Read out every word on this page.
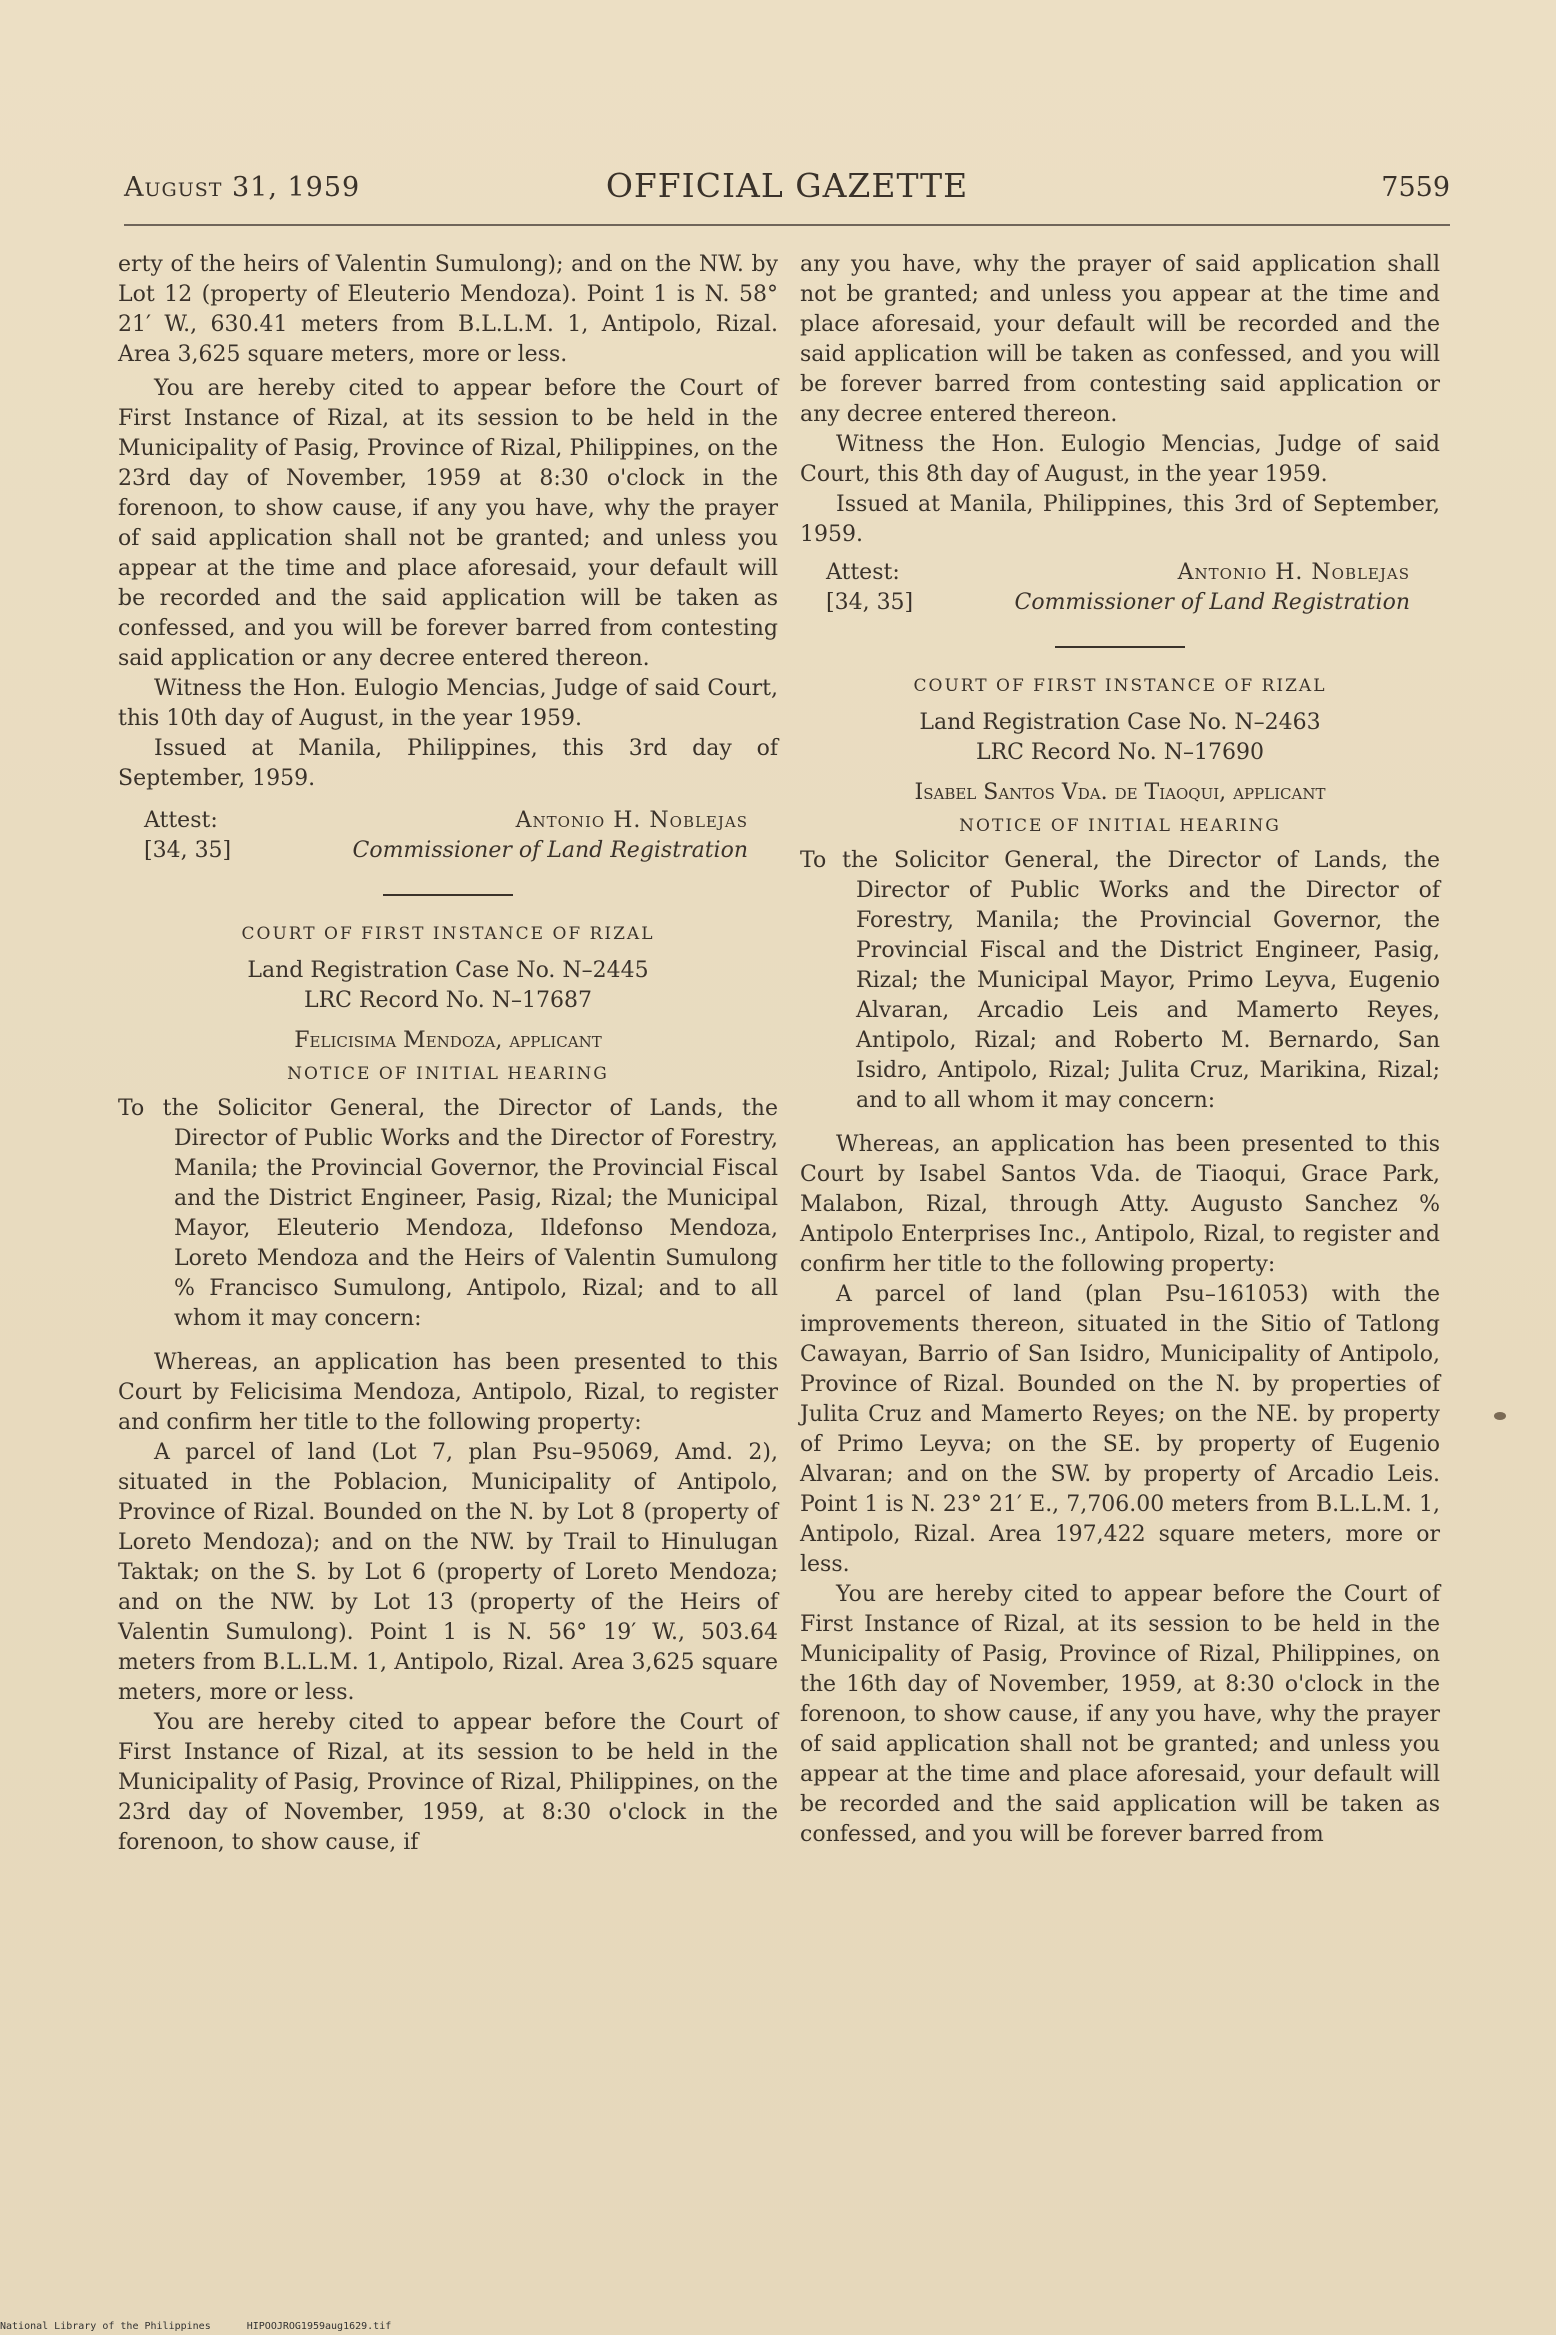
August 31, 1959	OFFICIAL GAZETTE	7559

erty of the heirs of Valentin Sumulong); and on the NW. by Lot 12 (property of Eleuterio Mendoza). Point 1 is N. 58° 21′ W., 630.41 meters from B.L.L.M. 1, Antipolo, Rizal. Area 3,625 square meters, more or less.

You are hereby cited to appear before the Court of First Instance of Rizal, at its session to be held in the Municipality of Pasig, Province of Rizal, Philippines, on the 23rd day of November, 1959 at 8:30 o'clock in the forenoon, to show cause, if any you have, why the prayer of said application shall not be granted; and unless you appear at the time and place aforesaid, your default will be recorded and the said application will be taken as confessed, and you will be forever barred from contesting said application or any decree entered thereon.

Witness the Hon. Eulogio Mencias, Judge of said Court, this 10th day of August, in the year 1959.

Issued at Manila, Philippines, this 3rd day of September, 1959.

Attest:
[34, 35]
Antonio H. Noblejas
Commissioner of Land Registration

COURT OF FIRST INSTANCE OF RIZAL

Land Registration Case No. N–2445

LRC Record No. N–17687

Felicisima Mendoza, applicant

NOTICE OF INITIAL HEARING

To the Solicitor General, the Director of Lands, the Director of Public Works and the Director of Forestry, Manila; the Provincial Governor, the Provincial Fiscal and the District Engineer, Pasig, Rizal; the Municipal Mayor, Eleuterio Mendoza, Ildefonso Mendoza, Loreto Mendoza and the Heirs of Valentin Sumulong % Francisco Sumulong, Antipolo, Rizal; and to all whom it may concern:

Whereas, an application has been presented to this Court by Felicisima Mendoza, Antipolo, Rizal, to register and confirm her title to the following property:

A parcel of land (Lot 7, plan Psu–95069, Amd. 2), situated in the Poblacion, Municipality of Antipolo, Province of Rizal. Bounded on the N. by Lot 8 (property of Loreto Mendoza); and on the NW. by Trail to Hinulugan Taktak; on the S. by Lot 6 (property of Loreto Mendoza; and on the NW. by Lot 13 (property of the Heirs of Valentin Sumulong). Point 1 is N. 56° 19′ W., 503.64 meters from B.L.L.M. 1, Antipolo, Rizal. Area 3,625 square meters, more or less.

You are hereby cited to appear before the Court of First Instance of Rizal, at its session to be held in the Municipality of Pasig, Province of Rizal, Philippines, on the 23rd day of November, 1959, at 8:30 o'clock in the forenoon, to show cause, if

any you have, why the prayer of said application shall not be granted; and unless you appear at the time and place aforesaid, your default will be recorded and the said application will be taken as confessed, and you will be forever barred from contesting said application or any decree entered thereon.

Witness the Hon. Eulogio Mencias, Judge of said Court, this 8th day of August, in the year 1959.

Issued at Manila, Philippines, this 3rd of September, 1959.

Attest:
[34, 35]
Antonio H. Noblejas
Commissioner of Land Registration

COURT OF FIRST INSTANCE OF RIZAL

Land Registration Case No. N–2463

LRC Record No. N–17690

Isabel Santos Vda. de Tiaoqui, applicant

NOTICE OF INITIAL HEARING

To the Solicitor General, the Director of Lands, the Director of Public Works and the Director of Forestry, Manila; the Provincial Governor, the Provincial Fiscal and the District Engineer, Pasig, Rizal; the Municipal Mayor, Primo Leyva, Eugenio Alvaran, Arcadio Leis and Mamerto Reyes, Antipolo, Rizal; and Roberto M. Bernardo, San Isidro, Antipolo, Rizal; Julita Cruz, Marikina, Rizal; and to all whom it may concern:

Whereas, an application has been presented to this Court by Isabel Santos Vda. de Tiaoqui, Grace Park, Malabon, Rizal, through Atty. Augusto Sanchez % Antipolo Enterprises Inc., Antipolo, Rizal, to register and confirm her title to the following property:

A parcel of land (plan Psu–161053) with the improvements thereon, situated in the Sitio of Tatlong Cawayan, Barrio of San Isidro, Municipality of Antipolo, Province of Rizal. Bounded on the N. by properties of Julita Cruz and Mamerto Reyes; on the NE. by property of Primo Leyva; on the SE. by property of Eugenio Alvaran; and on the SW. by property of Arcadio Leis. Point 1 is N. 23° 21′ E., 7,706.00 meters from B.L.L.M. 1, Antipolo, Rizal. Area 197,422 square meters, more or less.

You are hereby cited to appear before the Court of First Instance of Rizal, at its session to be held in the Municipality of Pasig, Province of Rizal, Philippines, on the 16th day of November, 1959, at 8:30 o'clock in the forenoon, to show cause, if any you have, why the prayer of said application shall not be granted; and unless you appear at the time and place aforesaid, your default will be recorded and the said application will be taken as confessed, and you will be forever barred from

National Library of the Philippines	HIPOOJROG1959aug1629.tif
